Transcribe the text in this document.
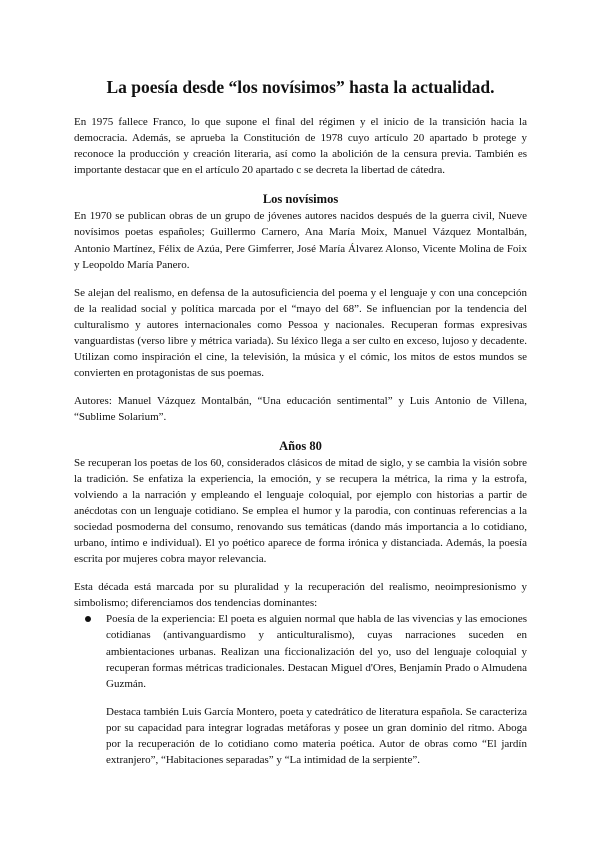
La poesía desde “los novísimos” hasta la actualidad.

En 1975 fallece Franco, lo que supone el final del régimen y el inicio de la transición hacia la democracia. Además, se aprueba la Constitución de 1978 cuyo artículo 20 apartado b protege y reconoce la producción y creación literaria, así como la abolición de la censura previa. También es importante destacar que en el artículo 20 apartado c se decreta la libertad de cátedra.

Los novísimos

En 1970 se publican obras de un grupo de jóvenes autores nacidos después de la guerra civil, Nueve novísimos poetas españoles; Guillermo Carnero, Ana María Moix, Manuel Vázquez Montalbán, Antonio Martínez, Félix de Azúa, Pere Gimferrer, José María Álvarez Alonso, Vicente Molina de Foix y Leopoldo María Panero.

Se alejan del realismo, en defensa de la autosuficiencia del poema y el lenguaje y con una concepción de la realidad social y política marcada por el “mayo del 68”. Se influencian por la tendencia del culturalismo y autores internacionales como Pessoa y nacionales. Recuperan formas expresivas vanguardistas (verso libre y métrica variada). Su léxico llega a ser culto en exceso, lujoso y decadente. Utilizan como inspiración el cine, la televisión, la música y el cómic, los mitos de estos mundos se convierten en protagonistas de sus poemas.

Autores: Manuel Vázquez Montalbán, “Una educación sentimental” y Luis Antonio de Villena, “Sublime Solarium”.

Años 80

Se recuperan los poetas de los 60, considerados clásicos de mitad de siglo, y se cambia la visión sobre la tradición. Se enfatiza la experiencia, la emoción, y se recupera la métrica, la rima y la estrofa, volviendo a la narración y empleando el lenguaje coloquial, por ejemplo con historias a partir de anécdotas con un lenguaje cotidiano. Se emplea el humor y la parodia, con continuas referencias a la sociedad posmoderna del consumo, renovando sus temáticas (dando más importancia a lo cotidiano, urbano, íntimo e individual). El yo poético aparece de forma irónica y distanciada. Además, la poesía escrita por mujeres cobra mayor relevancia.

Esta década está marcada por su pluralidad y la recuperación del realismo, neoimpresionismo y simbolismo; diferenciamos dos tendencias dominantes:

Poesía de la experiencia: El poeta es alguien normal que habla de las vivencias y las emociones cotidianas (antivanguardismo y anticulturalismo), cuyas narraciones suceden en ambientaciones urbanas. Realizan una ficcionalización del yo, uso del lenguaje coloquial y recuperan formas métricas tradicionales. Destacan Miguel d'Ores, Benjamín Prado o Almudena Guzmán.

Destaca también Luis García Montero, poeta y catedrático de literatura española. Se caracteriza por su capacidad para integrar logradas metáforas y posee un gran dominio del ritmo. Aboga por la recuperación de lo cotidiano como materia poética. Autor de obras como “El jardín extranjero”, “Habitaciones separadas” y “La intimidad de la serpiente”.
